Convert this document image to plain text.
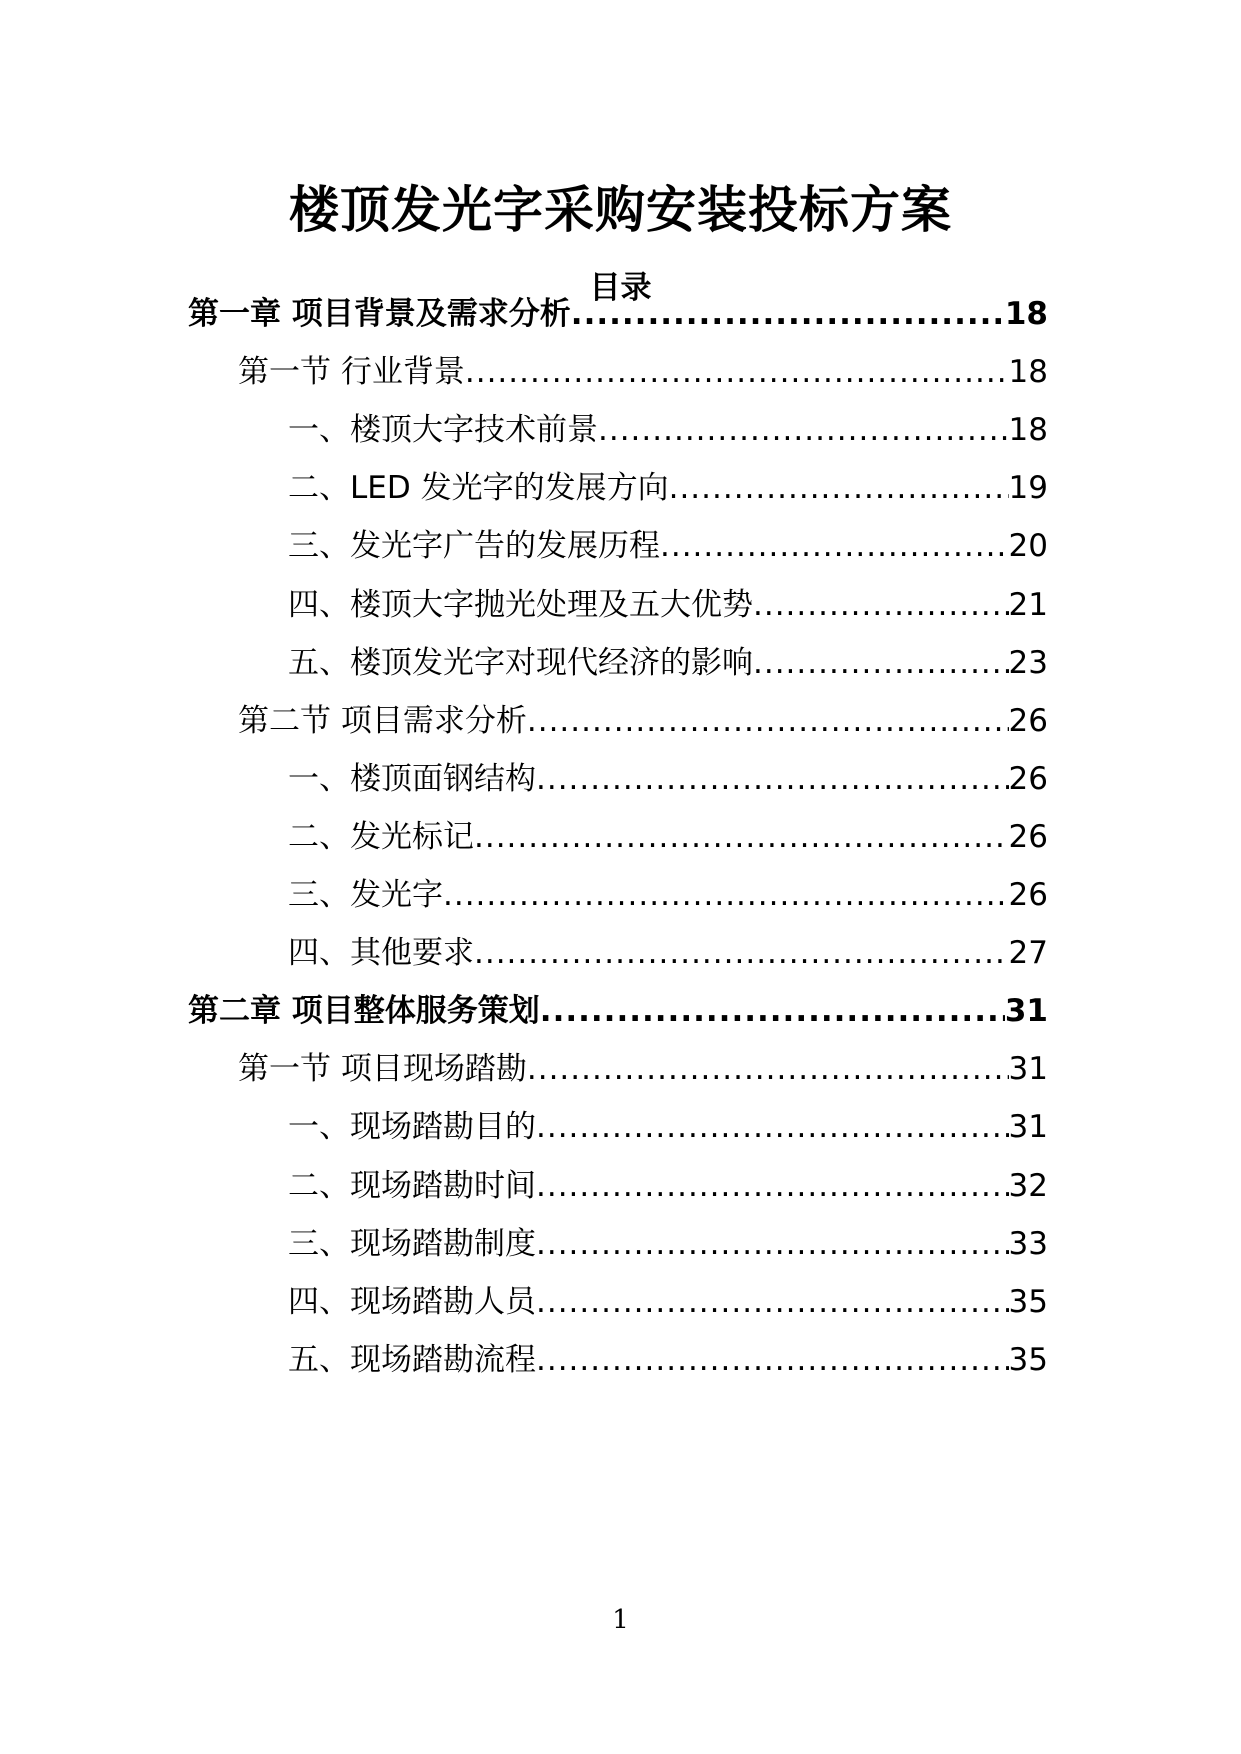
楼顶发光字采购安装投标方案
目录
第一章 项目背景及需求分析 .....	18
第一节 行业背景 .....	18
一、楼顶大字技术前景 .....	18
二、LED 发光字的发展方向 .....	19
三、发光字广告的发展历程 .....	20
四、楼顶大字抛光处理及五大优势 .....	21
五、楼顶发光字对现代经济的影响 .....	23
第二节 项目需求分析 .....	26
一、楼顶面钢结构 .....	26
二、发光标记 .....	26
三、发光字 .....	26
四、其他要求 .....	27
第二章 项目整体服务策划 .....	31
第一节 项目现场踏勘 .....	31
一、现场踏勘目的 .....	31
二、现场踏勘时间 .....	32
三、现场踏勘制度 .....	33
四、现场踏勘人员 .....	35
五、现场踏勘流程 .....	35
1
